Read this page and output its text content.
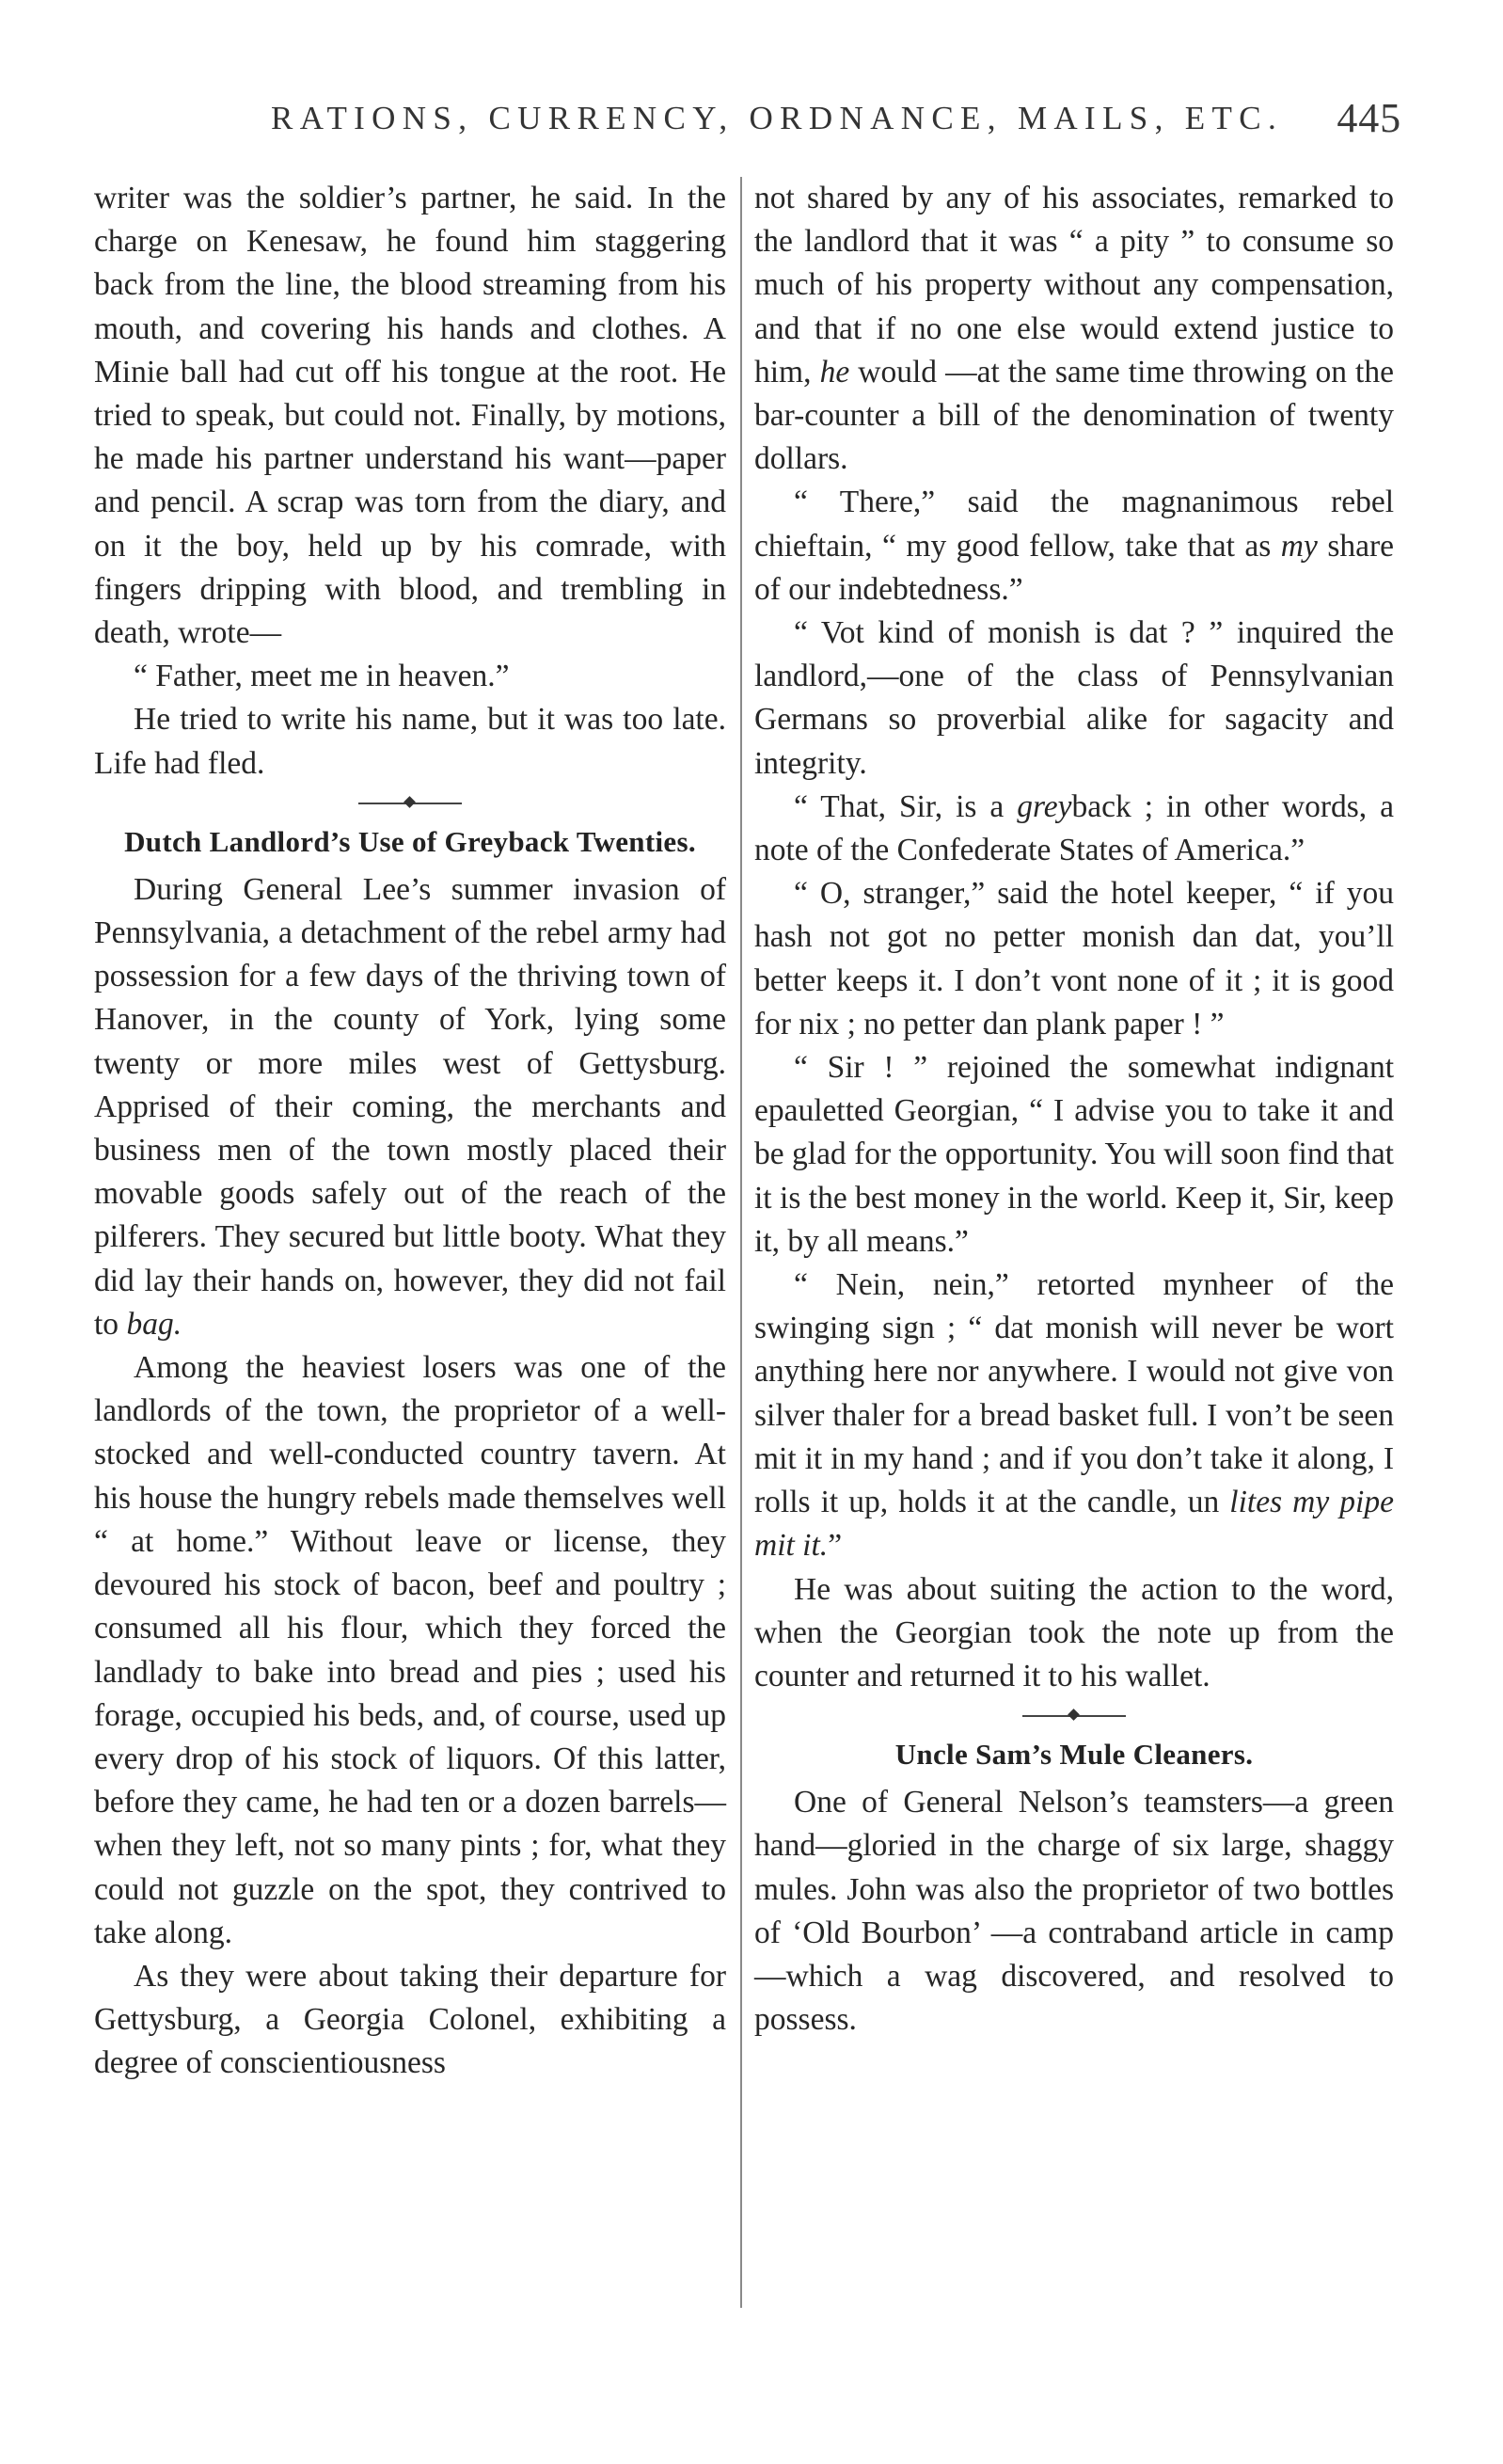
RATIONS, CURRENCY, ORDNANCE, MAILS, ETC. 445

writer was the soldier’s partner, he said. In the charge on Kenesaw, he found him staggering back from the line, the blood streaming from his mouth, and covering his hands and clothes. A Minie ball had cut off his tongue at the root. He tried to speak, but could not. Finally, by motions, he made his partner understand his want—paper and pencil. A scrap was torn from the diary, and on it the boy, held up by his comrade, with fingers dripping with blood, and trembling in death, wrote—

“ Father, meet me in heaven.”

He tried to write his name, but it was too late. Life had fled.

Dutch Landlord’s Use of Greyback Twenties.

During General Lee’s summer invasion of Pennsylvania, a detachment of the rebel army had possession for a few days of the thriving town of Hanover, in the county of York, lying some twenty or more miles west of Gettysburg. Apprised of their coming, the merchants and business men of the town mostly placed their movable goods safely out of the reach of the pilferers. They secured but little booty. What they did lay their hands on, however, they did not fail to bag.

Among the heaviest losers was one of the landlords of the town, the proprietor of a well-stocked and well-conducted country tavern. At his house the hungry rebels made themselves well “ at home.” Without leave or license, they devoured his stock of bacon, beef and poultry ; consumed all his flour, which they forced the landlady to bake into bread and pies ; used his forage, occupied his beds, and, of course, used up every drop of his stock of liquors. Of this latter, before they came, he had ten or a dozen barrels—when they left, not so many pints ; for, what they could not guzzle on the spot, they contrived to take along.

As they were about taking their departure for Gettysburg, a Georgia Colonel, exhibiting a degree of conscientiousness

not shared by any of his associates, remarked to the landlord that it was “ a pity ” to consume so much of his property without any compensation, and that if no one else would extend justice to him, he would —at the same time throwing on the bar-counter a bill of the denomination of twenty dollars.

“ There,” said the magnanimous rebel chieftain, “ my good fellow, take that as my share of our indebtedness.”

“ Vot kind of monish is dat ? ” inquired the landlord,—one of the class of Pennsylvanian Germans so proverbial alike for sagacity and integrity.

“ That, Sir, is a greyback ; in other words, a note of the Confederate States of America.”

“ O, stranger,” said the hotel keeper, “ if you hash not got no petter monish dan dat, you’ll better keeps it. I don’t vont none of it ; it is good for nix ; no petter dan plank paper ! ”

“ Sir ! ” rejoined the somewhat indignant epauletted Georgian, “ I advise you to take it and be glad for the opportunity. You will soon find that it is the best money in the world. Keep it, Sir, keep it, by all means.”

“ Nein, nein,” retorted mynheer of the swinging sign ; “ dat monish will never be wort anything here nor anywhere. I would not give von silver thaler for a bread basket full. I von’t be seen mit it in my hand ; and if you don’t take it along, I rolls it up, holds it at the candle, un lites my pipe mit it.”

He was about suiting the action to the word, when the Georgian took the note up from the counter and returned it to his wallet.

Uncle Sam’s Mule Cleaners.

One of General Nelson’s teamsters—a green hand—gloried in the charge of six large, shaggy mules. John was also the proprietor of two bottles of ‘Old Bourbon’ —a contraband article in camp—which a wag discovered, and resolved to possess.
